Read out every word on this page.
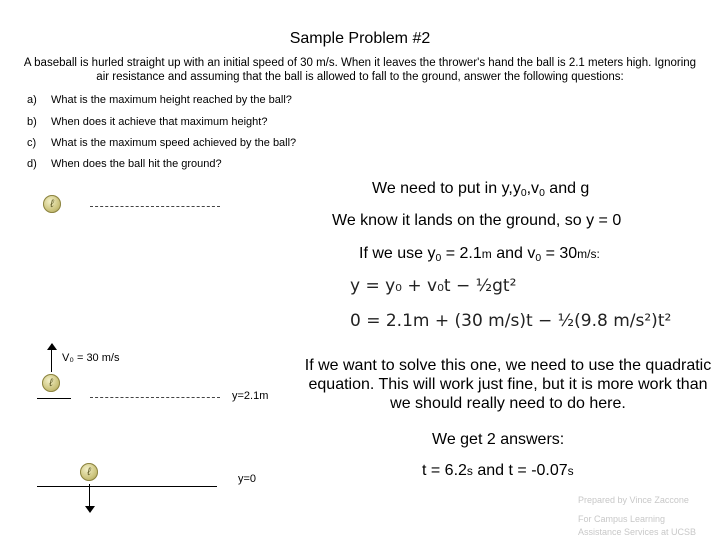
Sample Problem #2
A baseball is hurled straight up with an initial speed of 30 m/s. When it leaves the thrower's hand the ball is 2.1 meters high. Ignoring air resistance and assuming that the ball is allowed to fall to the ground, answer the following questions:
a) What is the maximum height reached by the ball?
b) When does it achieve that maximum height?
c) What is the maximum speed achieved by the ball?
d) When does the ball hit the ground?
We need to put in $y,y_0,v_0$ and g
We know it lands on the ground, so y = 0
If we use $y_0 = 2.1m$ and $v_0 = 30m/s$:
y = y₀ + v₀t − ½gt²
0 = 2.1m + (30 m/s)t − ½(9.8 m/s²)t²
If we want to solve this one, we need to use the quadratic equation. This will work just fine, but it is more work than we should really need to do here.
We get 2 answers:
t = 6.2s and t = -0.07s
ℓ
V₀ = 30 m/s
ℓ
y=2.1m
ℓ
y=0
Prepared by Vince Zaccone
For Campus Learning
Assistance Services at UCSB
